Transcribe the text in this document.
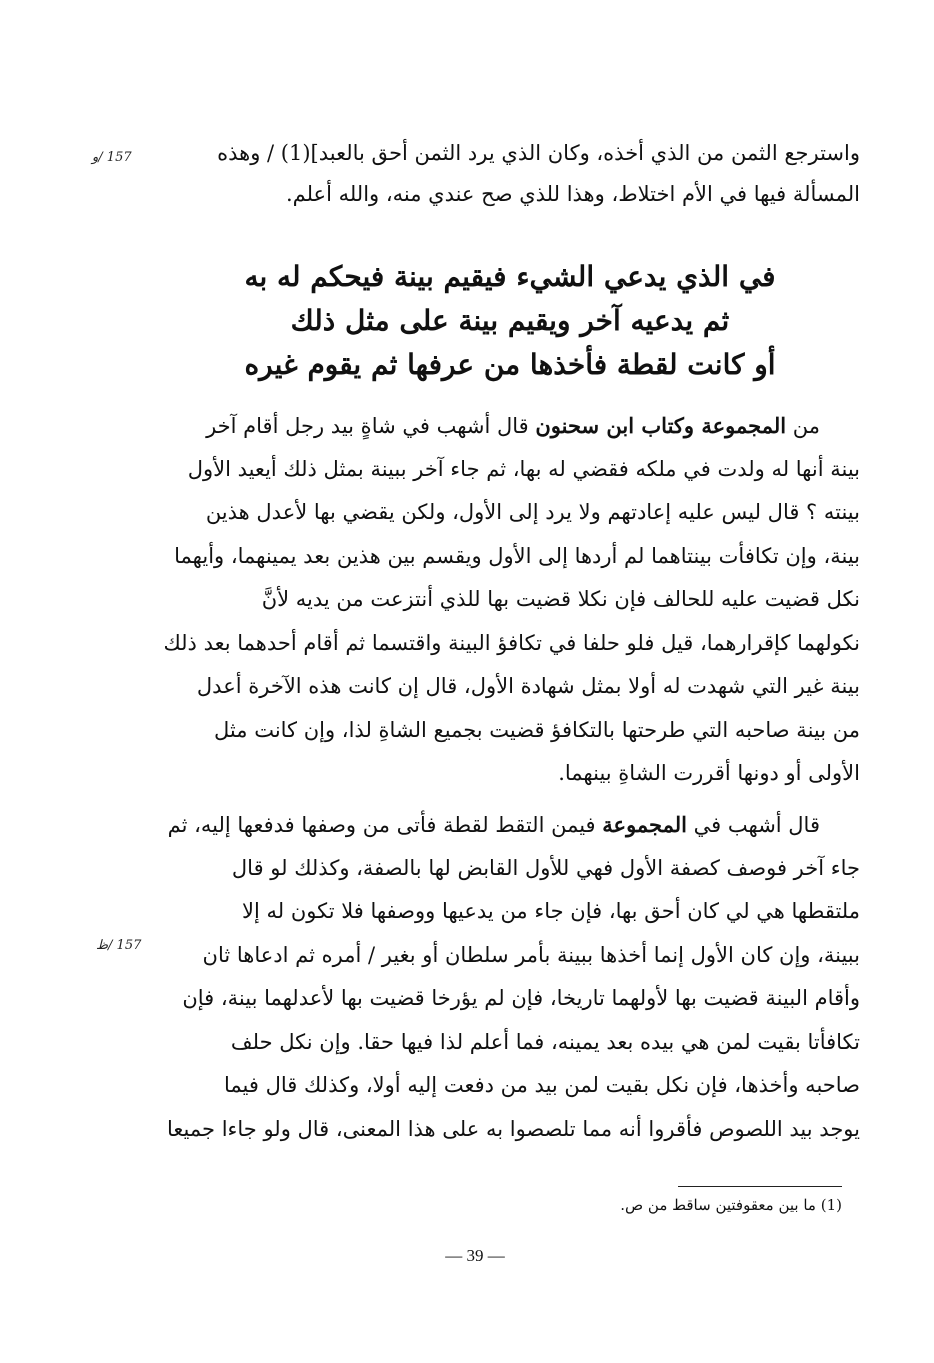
157 /و
157 /ظ
واسترجع الثمن من الذي أخذه، وكان الذي يرد الثمن أحق بالعبد](1) / وهذه
المسألة فيها في الأم اختلاط، وهذا للذي صح عندي منه، والله أعلم.
في الذي يدعي الشيء فيقيم بينة فيحكم له به
ثم يدعيه آخر ويقيم بينة على مثل ذلك
أو كانت لقطة فأخذها من عرفها ثم يقوم غيره
من المجموعة وكتاب ابن سحنون قال أشهب في شاةٍ بيد رجل أقام آخر
بينة أنها له ولدت في ملكه فقضي له بها، ثم جاء آخر ببينة بمثل ذلك أيعيد الأول
بينته ؟ قال ليس عليه إعادتهم ولا يرد إلى الأول، ولكن يقضي بها لأعدل هذين
بينة، وإن تكافأت بينتاهما لم أردها إلى الأول ويقسم بين هذين بعد يمينهما، وأيهما
نكل قضيت عليه للحالف فإن نكلا قضيت بها للذي أنتزعت من يديه لأنَّ
نكولهما كإقرارهما، قيل فلو حلفا في تكافؤ البينة واقتسما ثم أقام أحدهما بعد ذلك
بينة غير التي شهدت له أولا بمثل شهادة الأول، قال إن كانت هذه الآخرة أعدل
من بينة صاحبه التي طرحتها بالتكافؤ قضيت بجميع الشاةِ لذا، وإن كانت مثل
الأولى أو دونها أقررت الشاةِ بينهما.
قال أشهب في المجموعة فيمن التقط لقطة فأتى من وصفها فدفعها إليه، ثم
جاء آخر فوصف كصفة الأول فهي للأول القابض لها بالصفة، وكذلك لو قال
ملتقطها هي لي كان أحق بها، فإن جاء من يدعيها ووصفها فلا تكون له إلا
ببينة، وإن كان الأول إنما أخذها ببينة بأمر سلطان أو بغير / أمره ثم ادعاها ثان
وأقام البينة قضيت بها لأولهما تاريخا، فإن لم يؤرخا قضيت بها لأعدلهما بينة، فإن
تكافأتا بقيت لمن هي بيده بعد يمينه، فما أعلم لذا فيها حقا. وإن نكل حلف
صاحبه وأخذها، فإن نكل بقيت لمن بيد من دفعت إليه أولا، وكذلك قال فيما
يوجد بيد اللصوص فأقروا أنه مما تلصصوا به على هذا المعنى، قال ولو جاءا جميعا
(1) ما بين معقوفتين ساقط من ص.
— 39 —
